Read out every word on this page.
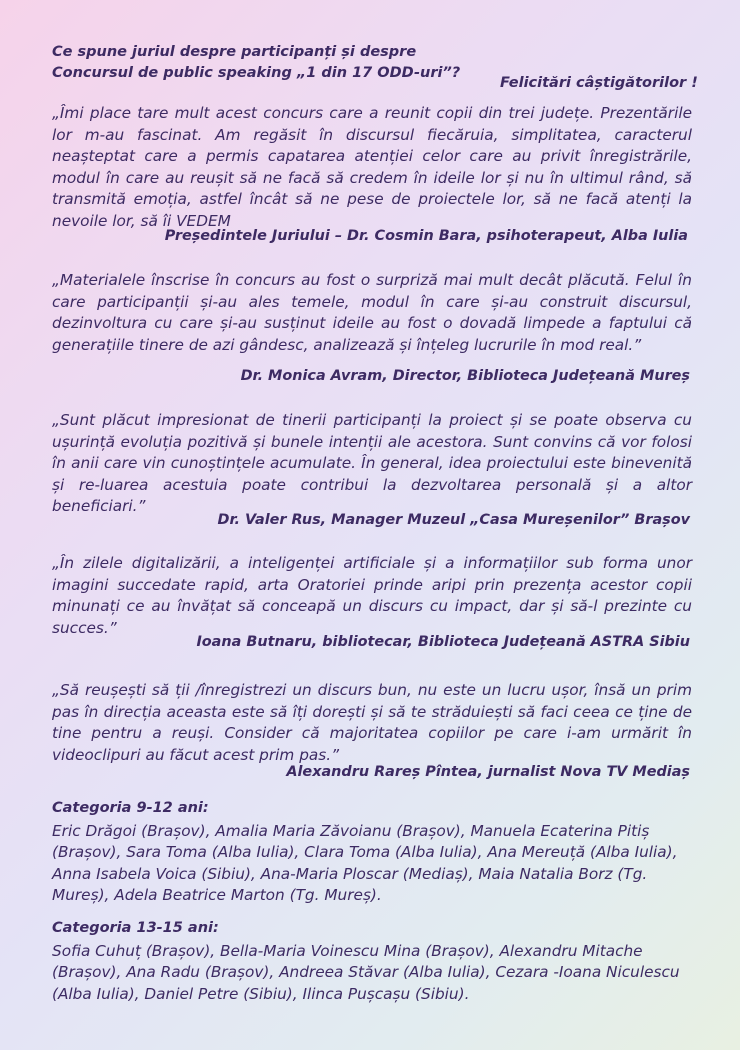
Ce spune juriul despre participanți și despre
Concursul de public speaking „1 din 17 ODD-uri”?
Felicitări câștigătorilor !
„Îmi place tare mult acest concurs care a reunit copii din trei județe. Prezentările lor m-au fascinat. Am regăsit în discursul fiecăruia, simplitatea, caracterul neașteptat care a permis capatarea atenției celor care au privit înregistrările, modul în care au reușit să ne facă să credem în ideile lor și nu în ultimul rând, să transmită emoția, astfel încât să ne pese de proiectele lor, să ne facă atenți la nevoile lor, să îi VEDEM
Președintele Juriului – Dr. Cosmin Bara, psihoterapeut, Alba Iulia
„Materialele înscrise în concurs au fost o surpriză mai mult decât plăcută. Felul în care participanții și-au ales temele, modul în care și-au construit discursul, dezinvoltura cu care și-au susținut ideile au fost o dovadă limpede a faptului că generațiile tinere de azi gândesc, analizează și înțeleg lucrurile în mod real.”
Dr. Monica Avram, Director, Biblioteca Județeană Mureș
„Sunt plăcut impresionat de tinerii participanți la proiect și se poate observa cu ușurință evoluția pozitivă și bunele intenții ale acestora. Sunt convins că vor folosi în anii care vin cunoștințele acumulate. În general, idea proiectului este binevenită și re-luarea acestuia poate contribui la dezvoltarea personală și a altor beneficiari.”
Dr. Valer Rus, Manager Muzeul „Casa Mureșenilor” Brașov
„În zilele digitalizării, a inteligenței artificiale și a informațiilor sub forma unor imagini succedate rapid, arta Oratoriei prinde aripi prin prezența acestor copii minunați ce au învățat să conceapă un discurs cu impact, dar și să-l prezinte cu succes.”
Ioana Butnaru, bibliotecar, Biblioteca Județeană ASTRA Sibiu
„Să reușești să ții /înregistrezi un discurs bun, nu este un lucru ușor, însă un prim pas în direcția aceasta este să îți dorești și să te străduiești să faci ceea ce ține de tine pentru a reuși. Consider că majoritatea copiilor pe care i-am urmărit în videoclipuri au făcut acest prim pas.”
Alexandru Rareș Pîntea, jurnalist Nova TV Mediaș
Categoria 9-12 ani:
Eric Drăgoi (Brașov), Amalia Maria Zăvoianu (Brașov), Manuela Ecaterina Pitiș (Brașov), Sara Toma (Alba Iulia), Clara Toma (Alba Iulia), Ana Mereuță (Alba Iulia), Anna Isabela Voica (Sibiu), Ana-Maria Ploscar (Mediaș), Maia Natalia Borz (Tg. Mureș), Adela Beatrice Marton (Tg. Mureș).
Categoria 13-15 ani:
Sofia Cuhuț (Brașov), Bella-Maria Voinescu Mina (Brașov), Alexandru Mitache (Brașov), Ana Radu (Brașov), Andreea Stăvar (Alba Iulia), Cezara -Ioana Niculescu (Alba Iulia), Daniel Petre (Sibiu), Ilinca Pușcașu (Sibiu).
